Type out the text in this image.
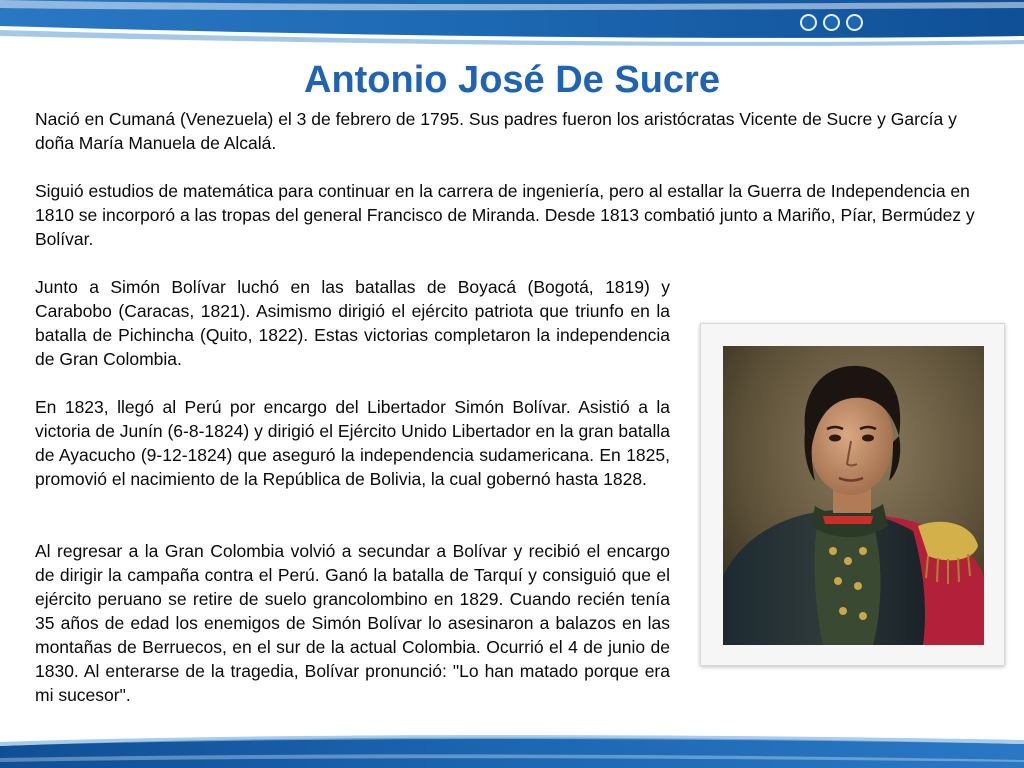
Antonio José De Sucre

Nació en Cumaná (Venezuela) el 3 de febrero de 1795. Sus padres fueron los aristócratas Vicente de Sucre y García y doña María Manuela de Alcalá.

Siguió estudios de matemática para continuar en la carrera de ingeniería, pero al estallar la Guerra de Independencia en 1810 se incorporó a las tropas del general Francisco de Miranda. Desde 1813 combatió junto a Mariño, Píar, Bermúdez y Bolívar.

Junto a Simón Bolívar luchó en las batallas de Boyacá (Bogotá, 1819) y Carabobo (Caracas, 1821). Asimismo dirigió el ejército patriota que triunfo en la batalla de Pichincha (Quito, 1822). Estas victorias completaron la independencia de Gran Colombia.

En 1823, llegó al Perú por encargo del Libertador Simón Bolívar. Asistió a la victoria de Junín (6-8-1824) y dirigió el Ejército Unido Libertador en la gran batalla de Ayacucho (9-12-1824) que aseguró la independencia sudamericana. En 1825, promovió el nacimiento de la República de Bolivia, la cual gobernó hasta 1828.

Al regresar a la Gran Colombia volvió a secundar a Bolívar y recibió el encargo de dirigir la campaña contra el Perú. Ganó la batalla de Tarquí y consiguió que el ejército peruano se retire de suelo grancolombino en 1829. Cuando recién tenía 35 años de edad los enemigos de Simón Bolívar lo asesinaron a balazos en las montañas de Berruecos, en el sur de la actual Colombia. Ocurrió el 4 de junio de 1830. Al enterarse de la tragedia, Bolívar pronunció: "Lo han matado porque era mi sucesor".
